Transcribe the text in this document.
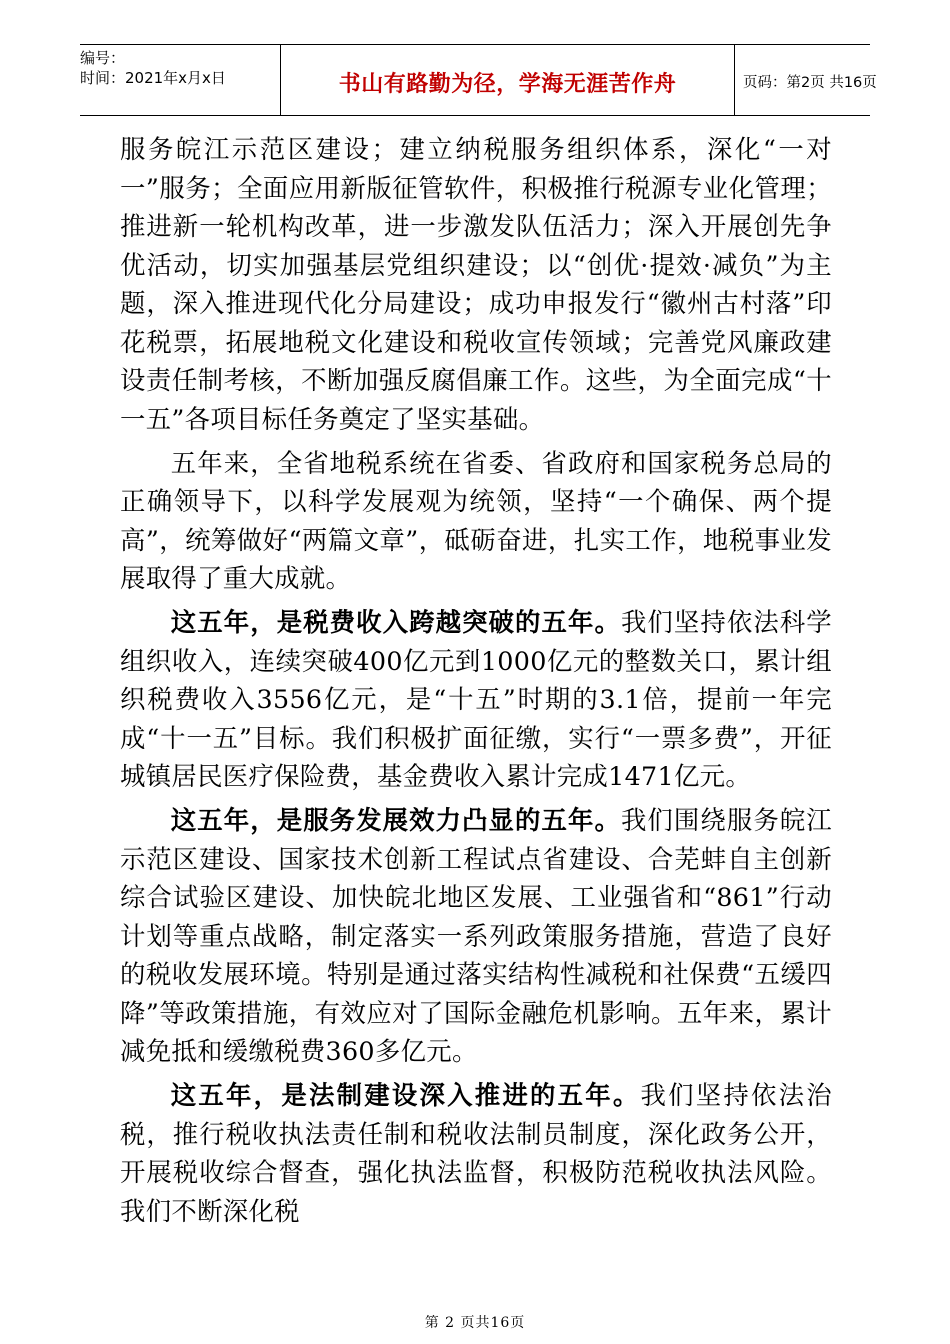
编号：
时间：2021年x月x日	书山有路勤为径，学海无涯苦作舟	页码：第2页 共16页

服务皖江示范区建设；建立纳税服务组织体系，深化“一对一”服务；全面应用新版征管软件，积极推行税源专业化管理；推进新一轮机构改革，进一步激发队伍活力；深入开展创先争优活动，切实加强基层党组织建设；以“创优·提效·减负”为主题，深入推进现代化分局建设；成功申报发行“徽州古村落”印花税票，拓展地税文化建设和税收宣传领域；完善党风廉政建设责任制考核，不断加强反腐倡廉工作。这些，为全面完成“十一五”各项目标任务奠定了坚实基础。

五年来，全省地税系统在省委、省政府和国家税务总局的正确领导下，以科学发展观为统领，坚持“一个确保、两个提高”，统筹做好“两篇文章”，砥砺奋进，扎实工作，地税事业发展取得了重大成就。

这五年，是税费收入跨越突破的五年。我们坚持依法科学组织收入，连续突破400亿元到1000亿元的整数关口，累计组织税费收入3556亿元，是“十五”时期的3.1倍，提前一年完成“十一五”目标。我们积极扩面征缴，实行“一票多费”，开征城镇居民医疗保险费，基金费收入累计完成1471亿元。

这五年，是服务发展效力凸显的五年。我们围绕服务皖江示范区建设、国家技术创新工程试点省建设、合芜蚌自主创新综合试验区建设、加快皖北地区发展、工业强省和“861”行动计划等重点战略，制定落实一系列政策服务措施，营造了良好的税收发展环境。特别是通过落实结构性减税和社保费“五缓四降”等政策措施，有效应对了国际金融危机影响。五年来，累计减免抵和缓缴税费360多亿元。

这五年，是法制建设深入推进的五年。我们坚持依法治税，推行税收执法责任制和税收法制员制度，深化政务公开，开展税收综合督查，强化执法监督，积极防范税收执法风险。我们不断深化税

第 2 页共16页
